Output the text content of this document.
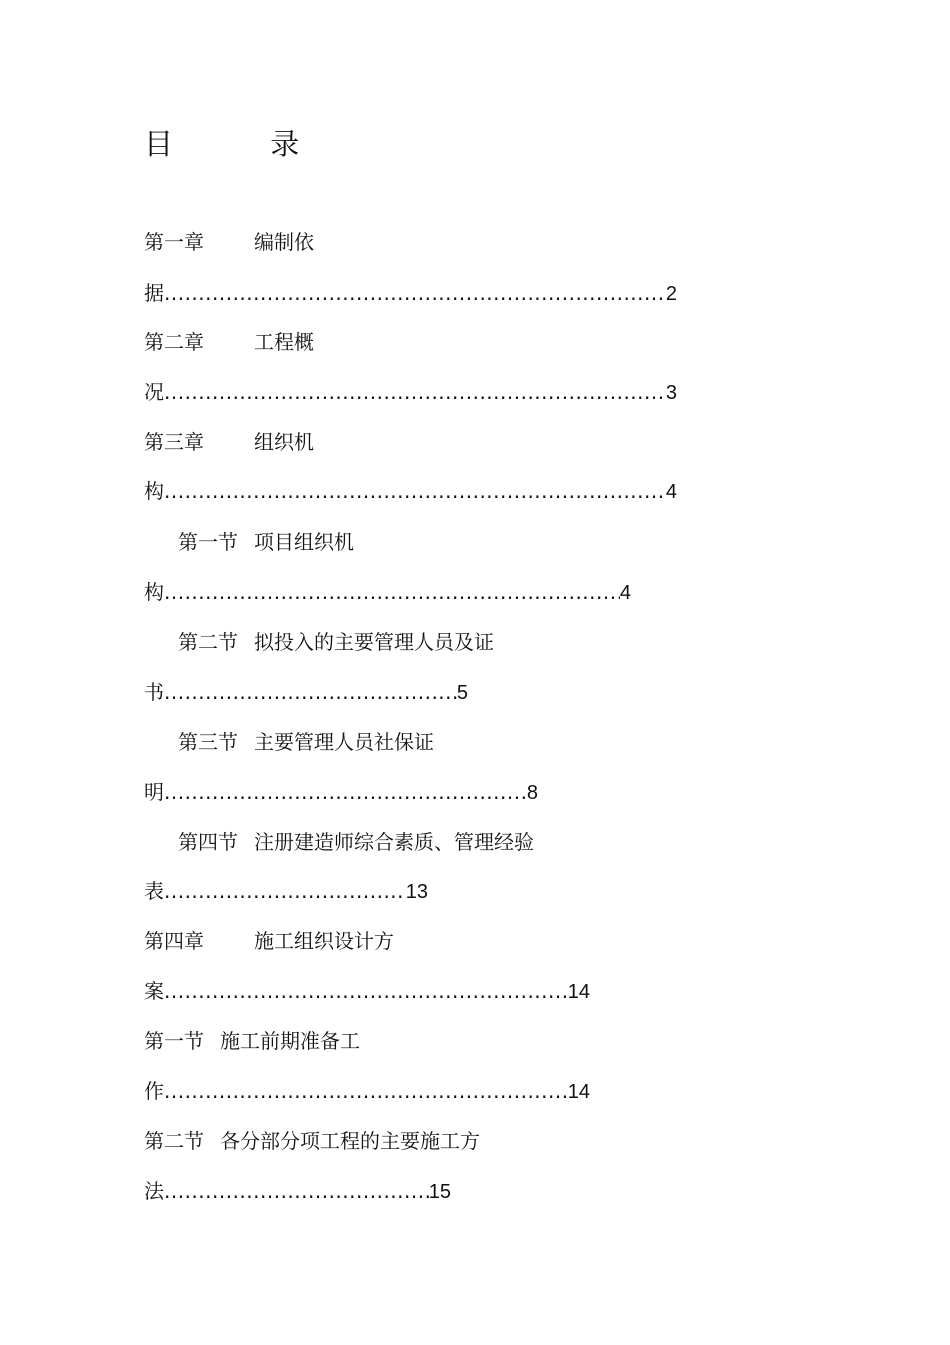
目 录
第一章	编制依
据 .....	2
第二章	工程概
况 .....	3
第三章	组织机
构 .....	4
第一节 项目组织机
构 .....	4
第二节 拟投入的主要管理人员及证
书 .....	5
第三节 主要管理人员社保证
明 .....	8
第四节 注册建造师综合素质、管理经验
表 .....	13
第四章	施工组织设计方
案 .....	14
第一节 施工前期准备工
作 .....	14
第二节 各分部分项工程的主要施工方
法 .....	15
